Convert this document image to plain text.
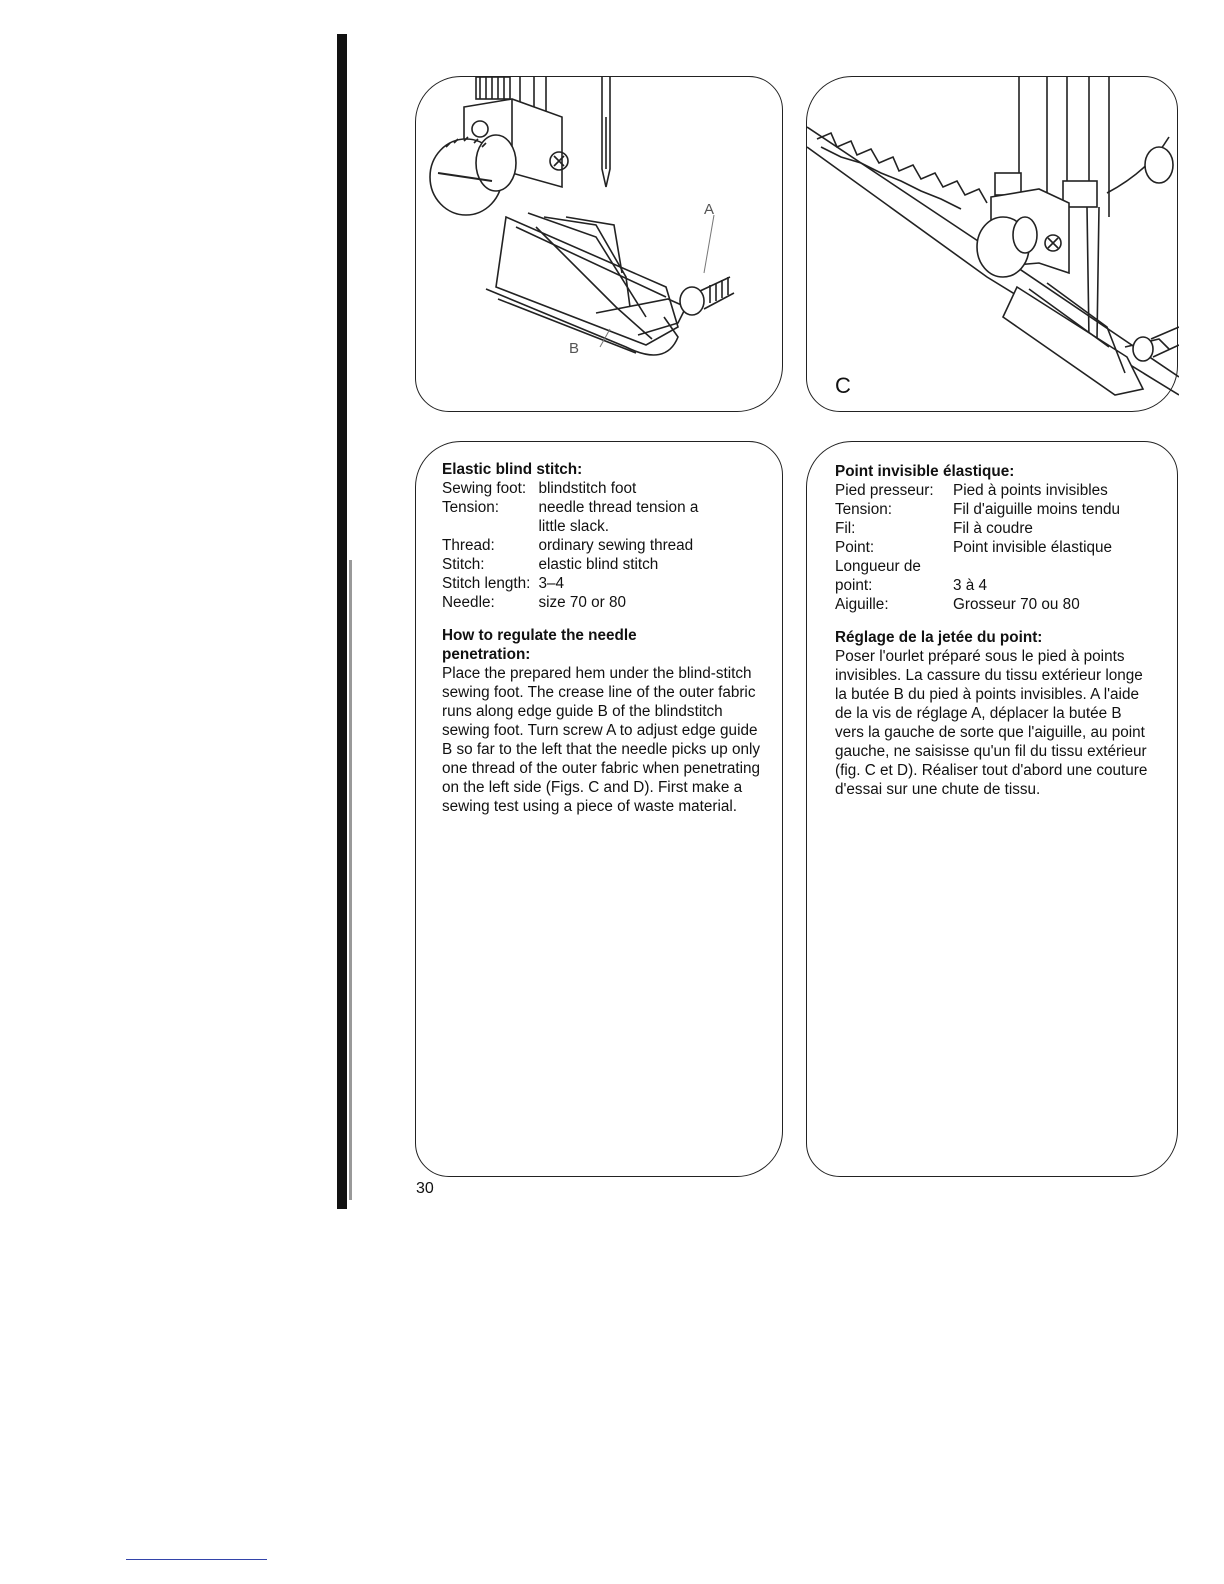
A
B
C
Elastic blind stitch:
Sewing foot:	blindstitch foot
Tension:	needle thread tension a little slack.
Thread:	ordinary sewing thread
Stitch:	elastic blind stitch
Stitch length:	3–4
Needle:	size 70 or 80
How to regulate the needle penetration:

Place the prepared hem under the blind-stitch sewing foot. The crease line of the outer fabric runs along edge guide B of the blindstitch sewing foot. Turn screw A to adjust edge guide B so far to the left that the needle picks up only one thread of the outer fabric when penetrating on the left side (Figs. C and D). First make a sewing test using a piece of waste material.

Point invisible élastique:
Pied presseur:	Pied à points invisibles
Tension:	Fil d'aiguille moins tendu
Fil:	Fil à coudre
Point:	Point invisible élastique
Longueur de point:	3 à 4
Aiguille:	Grosseur 70 ou 80
Réglage de la jetée du point:

Poser l'ourlet préparé sous le pied à points invisibles. La cassure du tissu extérieur longe la butée B du pied à points invisibles. A l'aide de la vis de réglage A, déplacer la butée B vers la gauche de sorte que l'aiguille, au point gauche, ne saisisse qu'un fil du tissu extérieur (fig. C et D). Réaliser tout d'abord une couture d'essai sur une chute de tissu.

30
